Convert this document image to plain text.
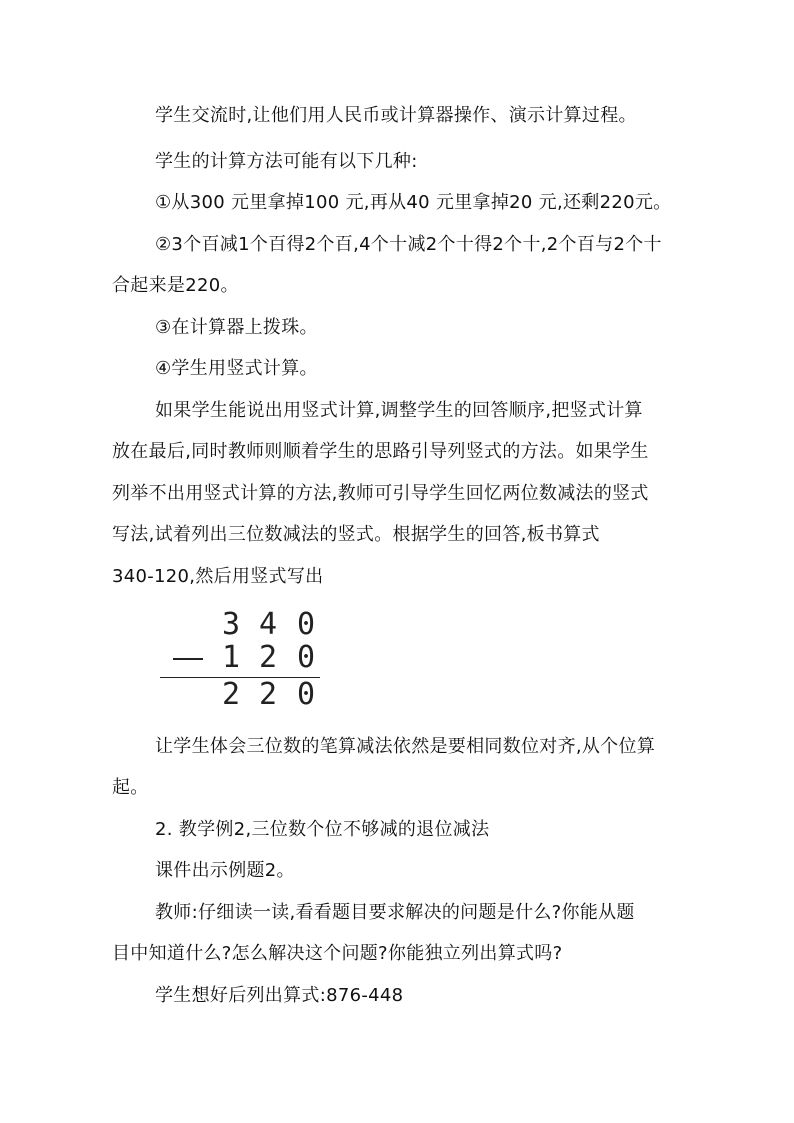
学生交流时,让他们用人民币或计算器操作、演示计算过程。
学生的计算方法可能有以下几种:
①从300 元里拿掉100 元,再从40 元里拿掉20 元,还剩220元。
②3个百减1个百得2个百,4个十减2个十得2个十,2个百与2个十
合起来是220。
③在计算器上拨珠。
④学生用竖式计算。
如果学生能说出用竖式计算,调整学生的回答顺序,把竖式计算
放在最后,同时教师则顺着学生的思路引导列竖式的方法。如果学生
列举不出用竖式计算的方法,教师可引导学生回忆两位数减法的竖式
写法,试着列出三位数减法的竖式。根据学生的回答,板书算式
340-120,然后用竖式写出
3 4 0
1 2 0
2 2 0
让学生体会三位数的笔算减法依然是要相同数位对齐,从个位算
起。
2. 教学例2,三位数个位不够减的退位减法
课件出示例题2。
教师:仔细读一读,看看题目要求解决的问题是什么?你能从题
目中知道什么?怎么解决这个问题?你能独立列出算式吗?
学生想好后列出算式:876-448
